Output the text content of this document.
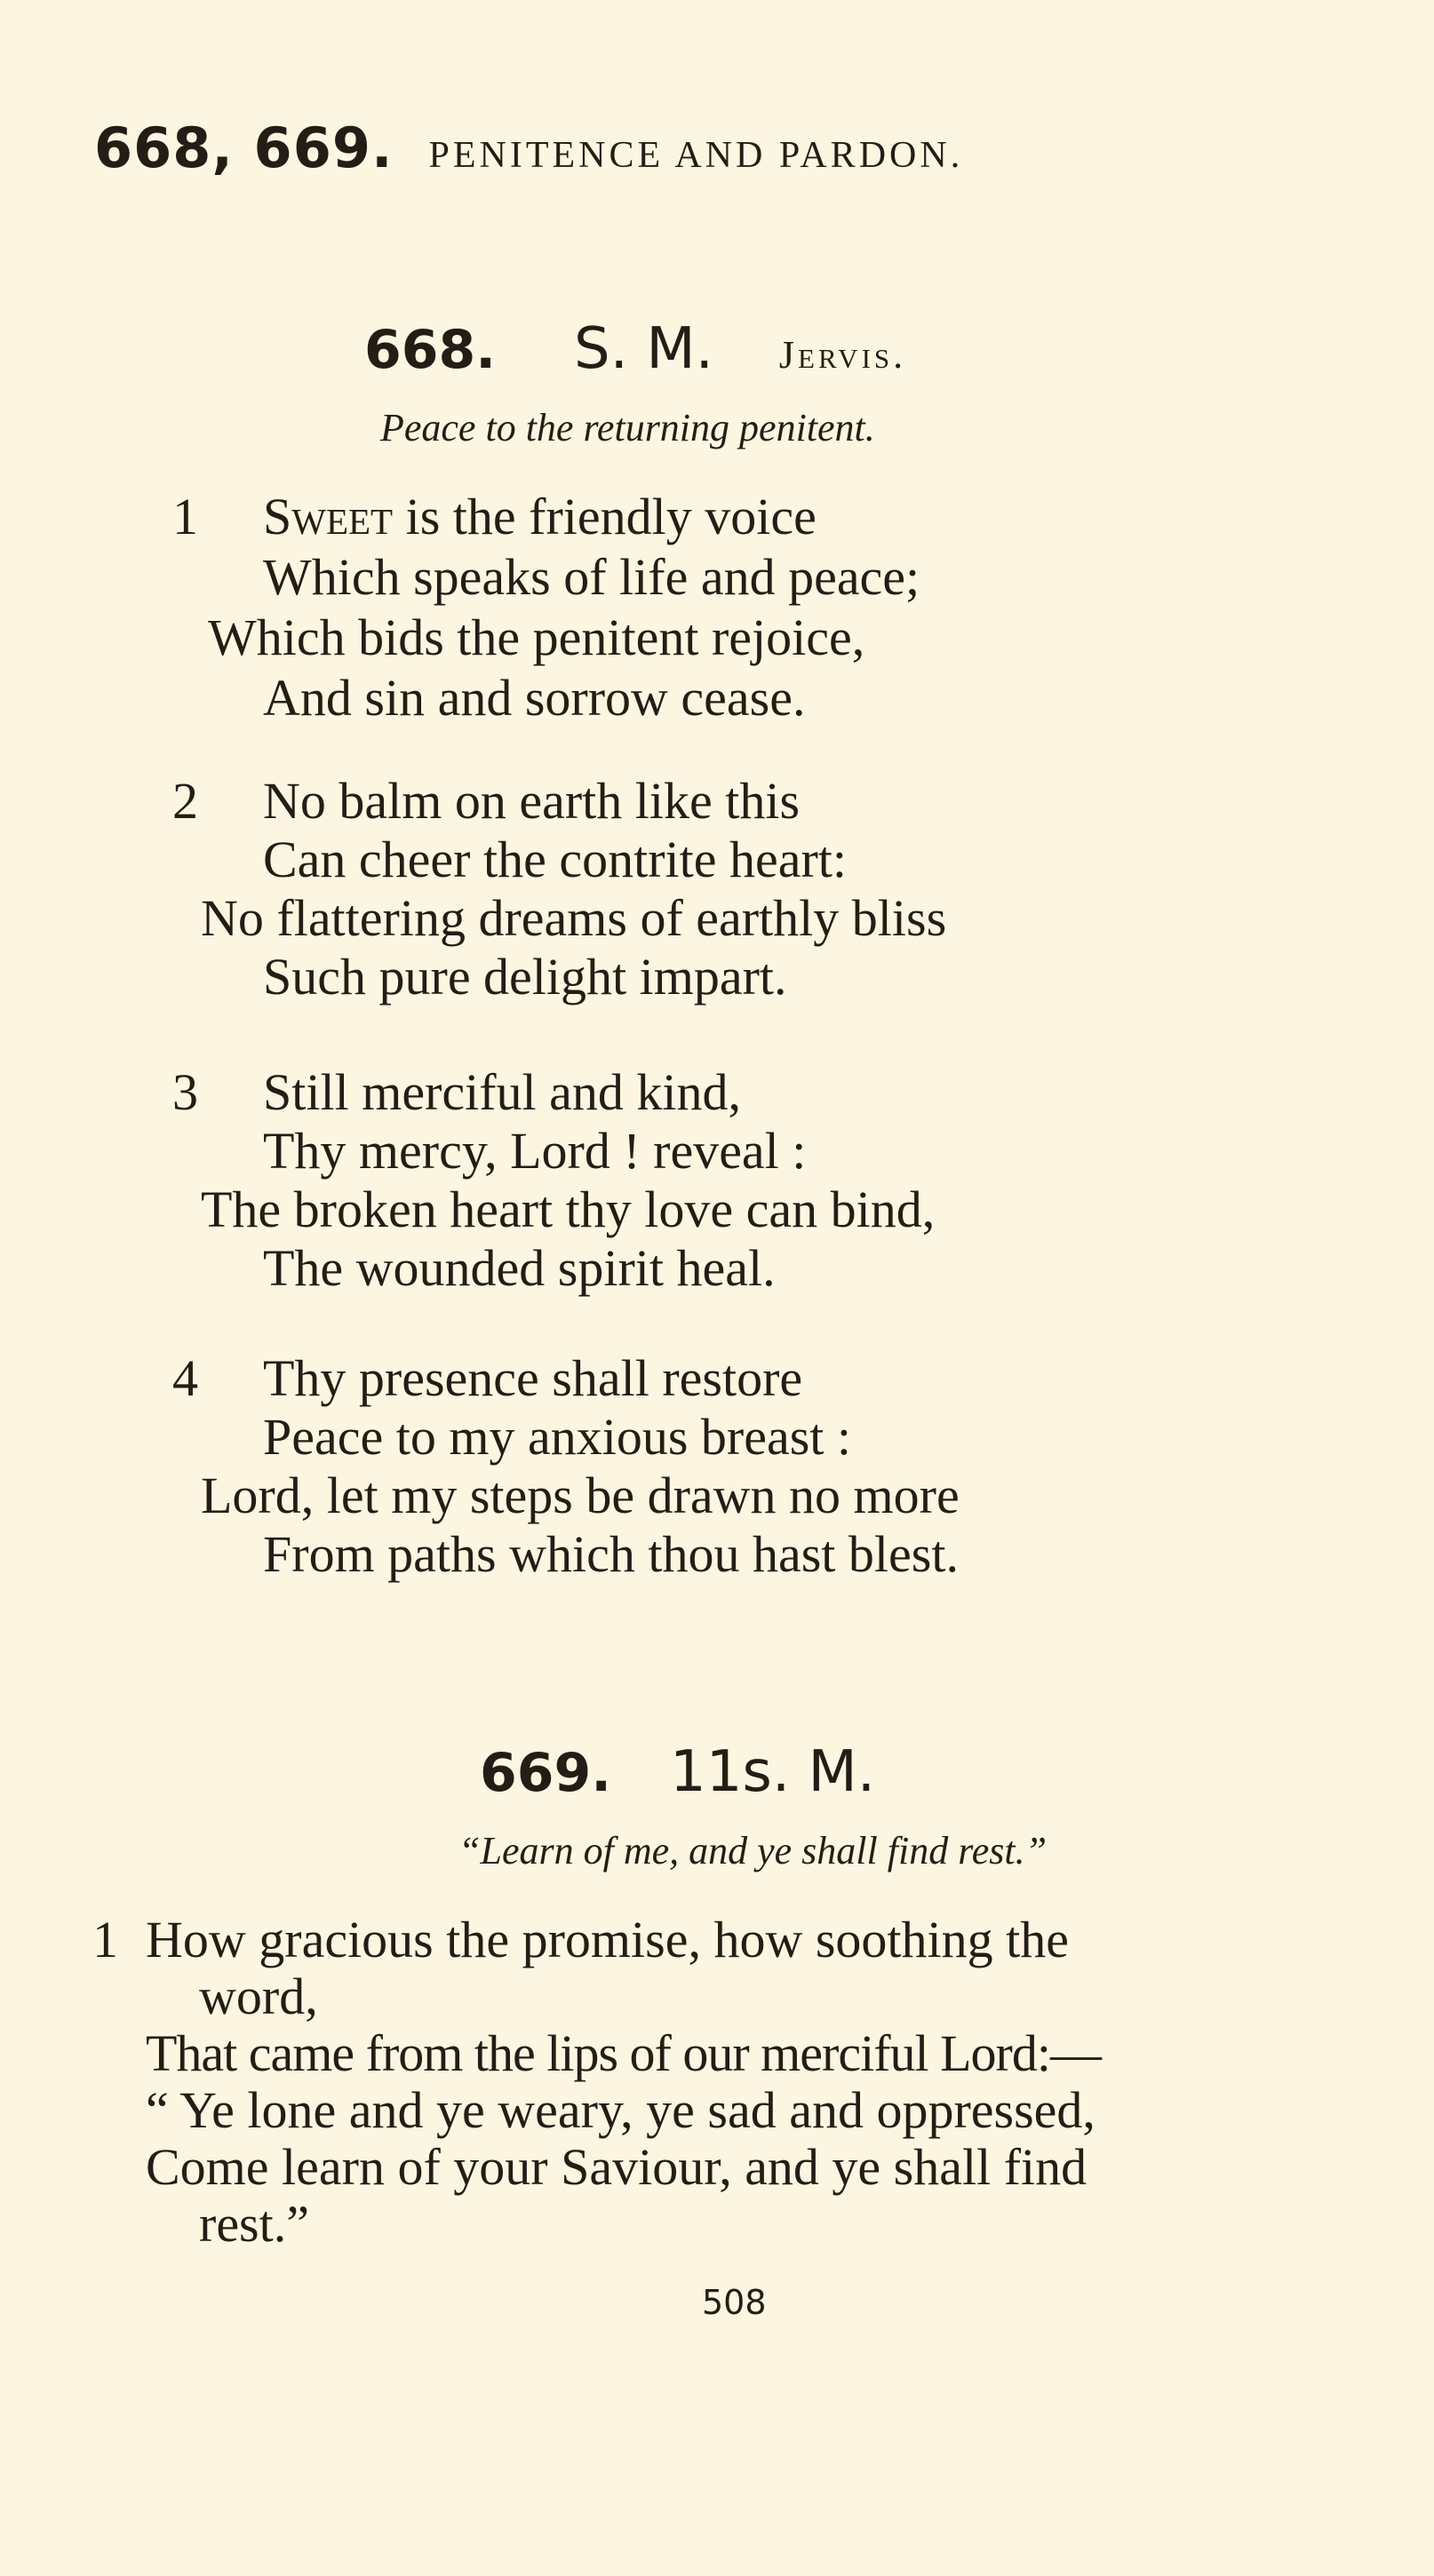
668, 669. PENITENCE AND PARDON.
668. S. M. Jervis.
Peace to the returning penitent.
1 Sweet is the friendly voice
Which speaks of life and peace;
Which bids the penitent rejoice,
And sin and sorrow cease.
2 No balm on earth like this
Can cheer the contrite heart:
No flattering dreams of earthly bliss
Such pure delight impart.
3 Still merciful and kind,
Thy mercy, Lord ! reveal :
The broken heart thy love can bind,
The wounded spirit heal.
4 Thy presence shall restore
Peace to my anxious breast :
Lord, let my steps be drawn no more
From paths which thou hast blest.
669. 11s. M.
“Learn of me, and ye shall find rest.”
1 How gracious the promise, how soothing the
word,
That came from the lips of our merciful Lord:—
“ Ye lone and ye weary, ye sad and oppressed,
Come learn of your Saviour, and ye shall find
rest.”
508
